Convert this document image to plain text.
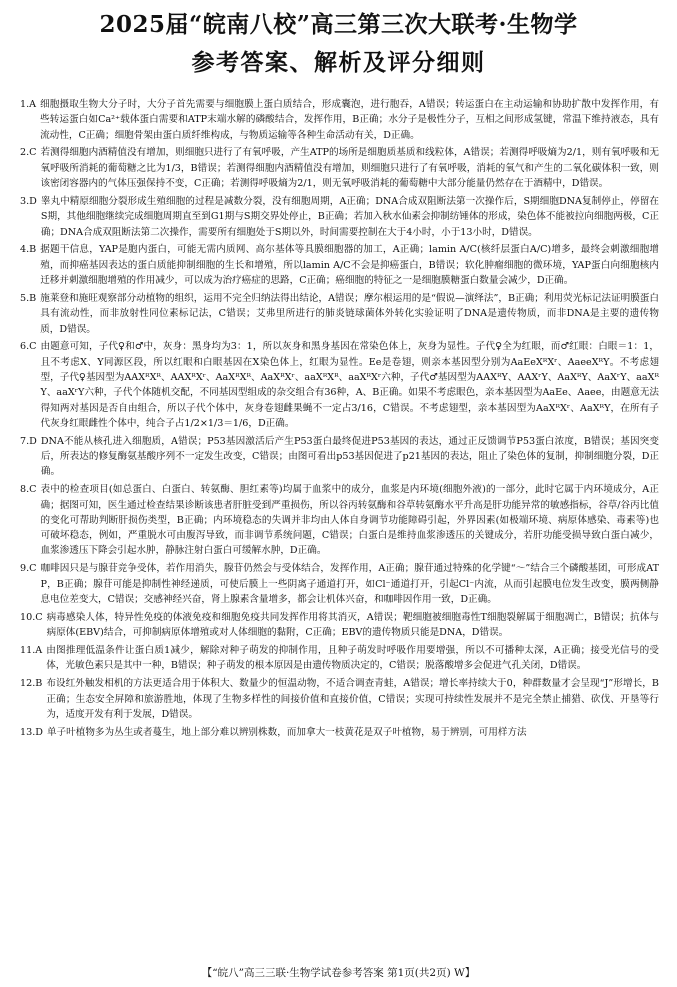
2025届“皖南八校”高三第三次大联考·生物学
参考答案、解析及评分细则
1.A 细胞摄取生物大分子时，大分子首先需要与细胞膜上蛋白质结合，形成囊泡，进行胞吞，A错误；转运蛋白在主动运输和协助扩散中发挥作用，有些转运蛋白如Ca²⁺载体蛋白需要和ATP末端水解的磷酸结合，发挥作用，B正确；水分子是极性分子，互相之间形成氢键，常温下维持液态，具有流动性，C正确；细胞骨架由蛋白质纤维构成，与物质运输等各种生命活动有关，D正确。
2.C 若测得细胞内酒精值没有增加，则细胞只进行了有氧呼吸，产生ATP的场所是细胞质基质和线粒体，A错误；若测得呼吸熵为2/1，则有氧呼吸和无氧呼吸所消耗的葡萄糖之比为1/3，B错误；若测得细胞内酒精值没有增加，则细胞只进行了有氧呼吸，消耗的氧气和产生的二氧化碳体积一致，则该密闭容器内的气体压强保持不变，C正确；若测得呼吸熵为2/1，则无氧呼吸消耗的葡萄糖中大部分能量仍然存在于酒精中，D错误。
3.D 睾丸中精原细胞分裂形成生殖细胞的过程是减数分裂，没有细胞周期，A正确；DNA合成双阻断法第一次操作后，S期细胞DNA复制停止，停留在S期，其他细胞继续完成细胞周期直至到G1期与S期交界处停止，B正确；若加入秋水仙素会抑制纺锤体的形成，染色体不能被拉向细胞两极，C正确；DNA合成双阻断法第二次操作，需要所有细胞处于S期以外，时间需要控制在大于4小时，小于13小时，D错误。
4.B 据题干信息，YAP是胞内蛋白，可能无需内质网、高尔基体等具膜细胞器的加工，A正确；lamin A/C(核纤层蛋白A/C)增多，最终会刺激细胞增殖，而抑癌基因表达的蛋白质能抑制细胞的生长和增殖，所以lamin A/C不会是抑癌蛋白，B错误；软化肿瘤细胞的微环境，YAP蛋白向细胞核内迁移并刺激细胞增殖的作用减少，可以成为治疗癌症的思路，C正确；癌细胞的特征之一是细胞膜糖蛋白数量会减少，D正确。
5.B 施莱登和施旺观察部分动植物的组织，运用不完全归纳法得出结论，A错误；摩尔根运用的是“假说—演绎法”，B正确；利用荧光标记法证明膜蛋白具有流动性，而非放射性同位素标记法，C错误；艾弗里所进行的肺炎链球菌体外转化实验证明了DNA是遗传物质，而非DNA是主要的遗传物质，D错误。
6.C 由题意可知，子代♀和♂中，灰身：黑身均为3：1，所以灰身和黑身基因在常染色体上，灰身为显性。子代♀全为红眼，而♂红眼：白眼＝1：1，且不考虑X、Y同源区段，所以红眼和白眼基因在X染色体上，红眼为显性。Ee是卷翅，则亲本基因型分别为AaEeXᴿXʳ、AaeeXᴿY。不考虑翅型，子代♀基因型为AAXᴿXᴿ、AAXᴿXʳ、AaXᴿXᴿ、AaXᴿXʳ、aaXᴿXᴿ、aaXᴿXʳ六种，子代♂基因型为AAXᴿY、AAXʳY、AaXᴿY、AaXʳY、aaXᴿY、aaXʳY六种，子代个体随机交配，不同基因型组成的杂交组合有36种，A、B正确。如果不考虑眼色，亲本基因型为AaEe、Aaee，由题意无法得知两对基因是否自由组合，所以子代个体中，灰身卷翅雌果蝇不一定占3/16，C错误。不考虑翅型，亲本基因型为AaXᴿXʳ、AaXᴿY，在所有子代灰身红眼雌性个体中，纯合子占1/2×1/3＝1/6，D正确。
7.D DNA不能从核孔进入细胞质，A错误；P53基因激活后产生P53蛋白最终促进P53基因的表达，通过正反馈调节P53蛋白浓度，B错误；基因突变后，所表达的修复酶氨基酸序列不一定发生改变，C错误；由图可看出p53基因促进了p21基因的表达，阻止了染色体的复制，抑制细胞分裂，D正确。
8.C 表中的检查项目(如总蛋白、白蛋白、转氨酶、胆红素等)均属于血浆中的成分，血浆是内环境(细胞外液)的一部分，此时它属于内环境成分，A正确；据图可知，医生通过检查结果诊断该患者肝脏受到严重损伤，所以谷丙转氨酶和谷草转氨酶水平升高是肝功能异常的敏感指标，谷草/谷丙比值的变化可帮助判断肝损伤类型，B正确；内环境稳态的失调并非均由人体自身调节功能障碍引起，外界因素(如极端环境、病原体感染、毒素等)也可破坏稳态，例如，严重脱水可由腹泻导致，而非调节系统问题，C错误；白蛋白是维持血浆渗透压的关键成分，若肝功能受损导致白蛋白减少，血浆渗透压下降会引起水肿，静脉注射白蛋白可缓解水肿，D正确。
9.C 咖啡因只是与腺苷竞争受体，若作用消失，腺苷仍然会与受体结合，发挥作用，A正确；腺苷通过特殊的化学键“～”结合三个磷酸基团，可形成ATP，B正确；腺苷可能是抑制性神经递质，可使后膜上一些阴离子通道打开，如Cl⁻通道打开，引起Cl⁻内流，从而引起膜电位发生改变，膜两侧静息电位差变大，C错误；交感神经兴奋，肾上腺素含量增多，都会让机体兴奋，和咖啡因作用一致，D正确。
10.C 病毒感染人体，特异性免疫的体液免疫和细胞免疫共同发挥作用将其消灭，A错误；靶细胞被细胞毒性T细胞裂解属于细胞凋亡，B错误；抗体与病原体(EBV)结合，可抑制病原体增殖或对人体细胞的黏附，C正确；EBV的遗传物质只能是DNA，D错误。
11.A 由图推理低温条件让蛋白质1减少，解除对种子萌发的抑制作用，且种子萌发时呼吸作用要增强，所以不可播种太深，A正确；接受光信号的受体，光敏色素只是其中一种，B错误；种子萌发的根本原因是由遗传物质决定的，C错误；脱落酸增多会促进气孔关闭，D错误。
12.B 布设红外触发相机的方法更适合用于体积大、数量少的恒温动物，不适合调查青蛙，A错误；增长率持续大于0，种群数量才会呈现“J”形增长，B正确；生态安全屏障和旅游胜地，体现了生物多样性的间接价值和直接价值，C错误；实现可持续性发展并不是完全禁止捕猎、砍伐、开垦等行为，适度开发有利于发展，D错误。
13.D 单子叶植物多为丛生或者蔓生，地上部分难以辨别株数，而加拿大一枝黄花是双子叶植物，易于辨别，可用样方法
【“皖八”高三三联·生物学试卷参考答案 第1页(共2页) W】
